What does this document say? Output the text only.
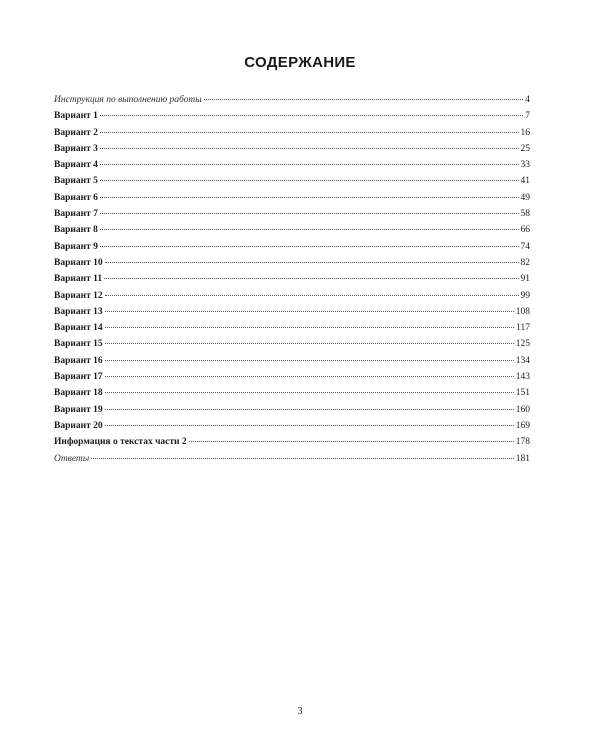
СОДЕРЖАНИЕ
Инструкция по выполнению работы	4
Вариант 1	7
Вариант 2	16
Вариант 3	25
Вариант 4	33
Вариант 5	41
Вариант 6	49
Вариант 7	58
Вариант 8	66
Вариант 9	74
Вариант 10	82
Вариант 11	91
Вариант 12	99
Вариант 13	108
Вариант 14	117
Вариант 15	125
Вариант 16	134
Вариант 17	143
Вариант 18	151
Вариант 19	160
Вариант 20	169
Информация о текстах части 2	178
Ответы	181
3
